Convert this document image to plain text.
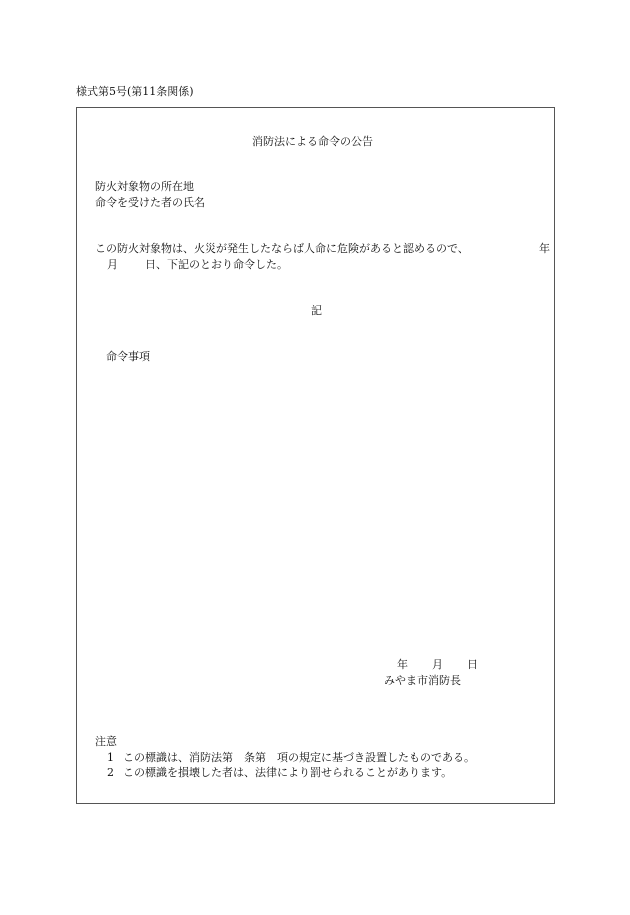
様式第5号(第11条関係)
消防法による命令の公告
防火対象物の所在地
命令を受けた者の氏名
この防火対象物は、火災が発生したならば人命に危険があると認めるので、	年
月 日、下記のとおり命令した。
記
命令事項
年 月 日
みやま市消防長
注意
1 この標識は、消防法第　条第　項の規定に基づき設置したものである。
2 この標識を損壊した者は、法律により罰せられることがあります。
